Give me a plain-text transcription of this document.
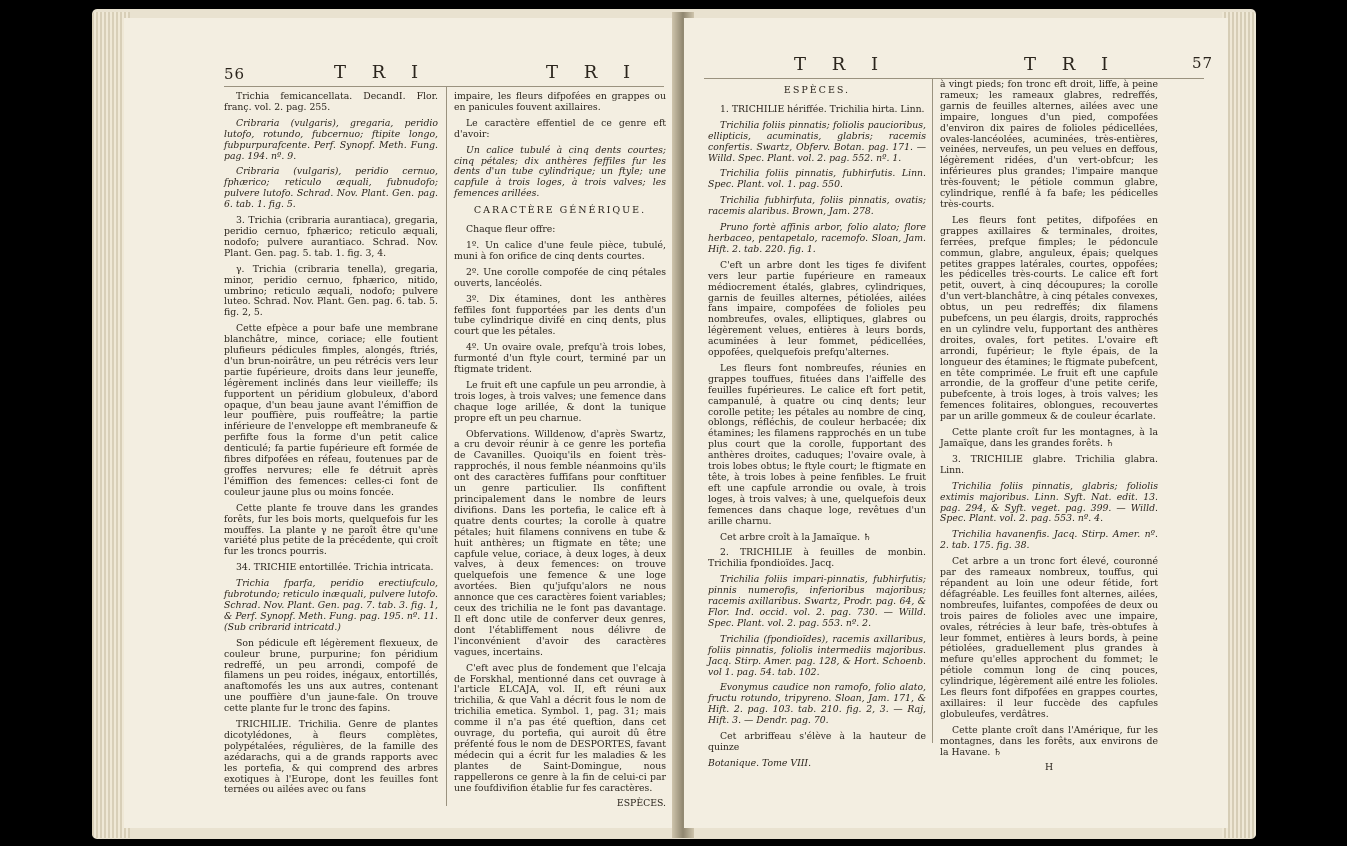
56	T R I	T R I

Trichia femicancellata. DecandI. Flor. franç. vol. 2. pag. 255.

Cribraria (vulgaris), gregaria, peridio lutofo, rotundo, fubcernuo; ftipite longo, fubpurpurafcente. Perf. Synopf. Meth. Fung. pag. 194. nº. 9.

Cribraria (vulgaris), peridio cernuo, fphærico; reticulo æquali, fubnudofo; pulvere lutofo. Schrad. Nov. Plant. Gen. pag. 6. tab. 1. fig. 5.

3. Trichia (cribraria aurantiaca), gregaria, peridio cernuo, fphærico; reticulo æquali, nodofo; pulvere aurantiaco. Schrad. Nov. Plant. Gen. pag. 5. tab. 1. fig. 3, 4.

γ. Trichia (cribraria tenella), gregaria, minor, peridio cernuo, fphærico, nitido, umbrino; reticulo æquali, nodofo; pulvere luteo. Schrad. Nov. Plant. Gen. pag. 6. tab. 5. fig. 2, 5.

Cette efpèce a pour bafe une membrane blanchâtre, mince, coriace; elle foutient plufieurs pédicules fimples, alongés, ftriés, d'un brun-noirâtre, un peu rétrécis vers leur partie fupérieure, droits dans leur jeuneffe, légèrement inclinés dans leur vieilleffe; ils fupportent un péridium globuleux, d'abord opaque, d'un beau jaune avant l'émiffion de leur pouffière, puis rouffeâtre; la partie inférieure de l'enveloppe eft membraneufe & perfifte fous la forme d'un petit calice denticulé; fa partie fupérieure eft formée de fibres difpofées en réfeau, foutenues par de groffes nervures; elle fe détruit après l'émiffion des femences: celles-ci font de couleur jaune plus ou moins foncée.

Cette plante fe trouve dans les grandes forêts, fur les bois morts, quelquefois fur les mouffes. La plante γ ne paroît être qu'une variété plus petite de la précédente, qui croît fur les troncs pourris.

34. TRICHIE entortillée. Trichia intricata.

Trichia fparfa, peridio erectiufculo, fubrotundo; reticulo inæquali, pulvere lutofo. Schrad. Nov. Plant. Gen. pag. 7. tab. 3. fig. 1, & Perf. Synopf. Meth. Fung. pag. 195. nº. 11. (Sub cribrarid intricatd.)

Son pédicule eft légèrement flexueux, de couleur brune, purpurine; fon péridium redreffé, un peu arrondi, compofé de filamens un peu roides, inégaux, entortillés, anaftomofés les uns aux autres, contenant une pouffière d'un jaune-fale. On trouve cette plante fur le tronc des fapins.

TRICHILIE. Trichilia. Genre de plantes dicotylédones, à fleurs complètes, polypétalées, régulières, de la famille des azédarachs, qui a de grands rapports avec les portefia, & qui comprend des arbres exotiques à l'Europe, dont les feuilles font ternées ou ailées avec ou fans

impaire, les fleurs difpofées en grappes ou en panicules fouvent axillaires.

Le caractère effentiel de ce genre eft d'avoir:

Un calice tubulé à cinq dents courtes; cinq pétales; dix anthères feffiles fur les dents d'un tube cylindrique; un ftyle; une capfule à trois loges, à trois valves; les femences arillées.

CARACTÈRE GÉNÉRIQUE.

Chaque fleur offre:

1º. Un calice d'une feule pièce, tubulé, muni à fon orifice de cinq dents courtes.

2º. Une corolle compofée de cinq pétales ouverts, lancéolés.

3º. Dix étamines, dont les anthères feffiles font fupportées par les dents d'un tube cylindrique divifé en cinq dents, plus court que les pétales.

4º. Un ovaire ovale, prefqu'à trois lobes, furmonté d'un ftyle court, terminé par un ftigmate trident.

Le fruit eft une capfule un peu arrondie, à trois loges, à trois valves; une femence dans chaque loge arillée, & dont la tunique propre eft un peu charnue.

Obfervations. Willdenow, d'après Swartz, a cru devoir réunir à ce genre les portefia de Cavanilles. Quoiqu'ils en foient très-rapprochés, il nous femble néanmoins qu'ils ont des caractères fuffifans pour conftituer un genre particulier. Ils confiftent principalement dans le nombre de leurs divifions. Dans les portefia, le calice eft à quatre dents courtes; la corolle à quatre pétales; huit filamens connivens en tube & huit anthères; un ftigmate en tête; une capfule velue, coriace, à deux loges, à deux valves, à deux femences: on trouve quelquefois une femence & une loge avortées. Bien qu'jufqu'alors ne nous annonce que ces caractères foient variables; ceux des trichilia ne le font pas davantage. Il eft donc utile de conferver deux genres, dont l'établiffement nous délivre de l'inconvénient d'avoir des caractères vagues, incertains.

C'eft avec plus de fondement que l'elcaja de Forskhal, mentionné dans cet ouvrage à l'article ELCAJA, vol. II, eft réuni aux trichilia, & que Vahl a décrit fous le nom de trichilia emetica. Symbol. 1, pag. 31; mais comme il n'a pas été queftion, dans cet ouvrage, du portefia, qui auroit dû être préfenté fous le nom de DESPORTES, favant médecin qui a écrit fur les maladies & les plantes de Saint-Domingue, nous rappellerons ce genre à la fin de celui-ci par une foufdivifion établie fur fes caractères.

ESPÈCES.

T R I	T R I	57

ESPÈCES.

1. TRICHILIE hériffée. Trichilia hirta. Linn.

Trichilia foliis pinnatis; foliolis paucioribus, ellipticis, acuminatis, glabris; racemis confertis. Swartz, Obferv. Botan. pag. 171. — Willd. Spec. Plant. vol. 2. pag. 552. nº. 1.

Trichilia foliis pinnatis, fubhirfutis. Linn. Spec. Plant. vol. 1. pag. 550.

Trichilia fubhirfuta, foliis pinnatis, ovatis; racemis alaribus. Brown, Jam. 278.

Pruno fortè affinis arbor, folio alato; flore herbaceo, pentapetalo, racemofo. Sloan, Jam. Hift. 2. tab. 220. fig. 1.

C'eft un arbre dont les tiges fe divifent vers leur partie fupérieure en rameaux médiocrement étalés, glabres, cylindriques, garnis de feuilles alternes, pétiolées, ailées fans impaire, compofées de folioles peu nombreufes, ovales, elliptiques, glabres ou légèrement velues, entières à leurs bords, acuminées à leur fommet, pédicellées, oppofées, quelquefois prefqu'alternes.

Les fleurs font nombreufes, réunies en grappes touffues, fituées dans l'aiffelle des feuilles fupérieures. Le calice eft fort petit, campanulé, à quatre ou cinq dents; leur corolle petite; les pétales au nombre de cinq, oblongs, réfléchis, de couleur herbacée; dix étamines; les filamens rapprochés en un tube plus court que la corolle, fupportant des anthères droites, caduques; l'ovaire ovale, à trois lobes obtus; le ftyle court; le ftigmate en tête, à trois lobes à peine fenfibles. Le fruit eft une capfule arrondie ou ovale, à trois loges, à trois valves; à une, quelquefois deux femences dans chaque loge, revêtues d'un arille charnu.

Cet arbre croît à la Jamaïque. ♄

2. TRICHILIE à feuilles de monbin. Trichilia fpondioïdes. Jacq.

Trichilia foliis impari-pinnatis, fubhirfutis; pinnis numerofis, inferioribus majoribus; racemis axillaribus. Swartz, Prodr. pag. 64, & Flor. Ind. occid. vol. 2. pag. 730. — Willd. Spec. Plant. vol. 2. pag. 553. nº. 2.

Trichilia (fpondioïdes), racemis axillaribus, foliis pinnatis, foliolis intermediis majoribus. Jacq. Stirp. Amer. pag. 128, & Hort. Schoenb. vol 1. pag. 54. tab. 102.

Evonymus caudice non ramofo, folio alato, fructu rotundo, tripyreno. Sloan, Jam. 171, & Hift. 2. pag. 103. tab. 210. fig. 2, 3. — Raj, Hift. 3. — Dendr. pag. 70.

Cet arbriffeau s'élève à la hauteur de quinze

Botanique. Tome VIII.

à vingt pieds; fon tronc eft droit, liffe, à peine rameux; les rameaux glabres, redreffés, garnis de feuilles alternes, ailées avec une impaire, longues d'un pied, compofées d'environ dix paires de folioles pédicellées, ovales-lancéolées, acuminées, très-entières, veinées, nerveufes, un peu velues en deffous, légèrement ridées, d'un vert-obfcur; les inférieures plus grandes; l'impaire manque très-fouvent; le pétiole commun glabre, cylindrique, renflé à fa bafe; les pédicelles très-courts.

Les fleurs font petites, difpofées en grappes axillaires & terminales, droites, ferrées, prefque fimples; le pédoncule commun, glabre, anguleux, épais; quelques petites grappes latérales, courtes, oppofées; les pédicelles très-courts. Le calice eft fort petit, ouvert, à cinq découpures; la corolle d'un vert-blanchâtre, à cinq pétales convexes, obtus, un peu redreffés; dix filamens pubefcens, un peu élargis, droits, rapprochés en un cylindre velu, fupportant des anthères droites, ovales, fort petites. L'ovaire eft arrondi, fupérieur; le ftyle épais, de la longueur des étamines; le ftigmate pubefcent, en tête comprimée. Le fruit eft une capfule arrondie, de la groffeur d'une petite cerife, pubefcente, à trois loges, à trois valves; les femences folitaires, oblongues, recouvertes par un arille gommeux & de couleur écarlate.

Cette plante croît fur les montagnes, à la Jamaïque, dans les grandes forêts. ♄

3. TRICHILIE glabre. Trichilia glabra. Linn.

Trichilia foliis pinnatis, glabris; foliolis extimis majoribus. Linn. Syft. Nat. edit. 13. pag. 294, & Syft. veget. pag. 399. — Willd. Spec. Plant. vol. 2. pag. 553. nº. 4.

Trichilia havanenfis. Jacq. Stirp. Amer. nº. 2. tab. 175. fig. 38.

Cet arbre a un tronc fort élevé, couronné par des rameaux nombreux, touffus, qui répandent au loin une odeur fétide, fort défagréable. Les feuilles font alternes, ailées, nombreufes, luifantes, compofées de deux ou trois paires de folioles avec une impaire, ovales, rétrécies à leur bafe, très-obtufes à leur fommet, entières à leurs bords, à peine pétiolées, graduellement plus grandes à mefure qu'elles approchent du fommet; le pétiole commun long de cinq pouces, cylindrique, légèrement ailé entre les folioles. Les fleurs font difpofées en grappes courtes, axillaires: il leur fuccède des capfules globuleufes, verdâtres.

Cette plante croît dans l'Amérique, fur les montagnes, dans les forêts, aux environs de la Havane. ♄

H
